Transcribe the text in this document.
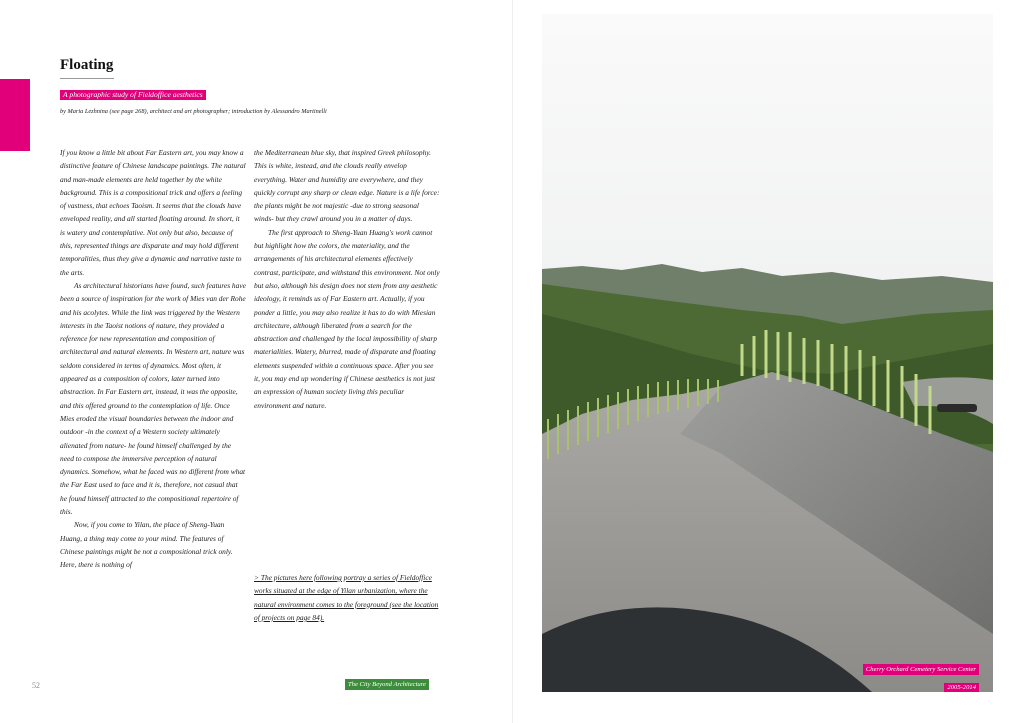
Floating
A photographic study of Fieldoffice aesthetics
by Maria Lezhnina (see page 268), architect and art photographer; introduction by Alessandro Martinelli

If you know a little bit about Far Eastern art, you may know a distinctive feature of Chinese landscape paintings. The natural and man-made elements are held together by the white background. This is a compositional trick and offers a feeling of vastness, that echoes Taoism. It seems that the clouds have enveloped reality, and all started floating around. In short, it is watery and contemplative. Not only but also, because of this, represented things are disparate and may hold different temporalities, thus they give a dynamic and narrative taste to the arts.

As architectural historians have found, such features have been a source of inspiration for the work of Mies van der Rohe and his acolytes. While the link was triggered by the Western interests in the Taoist notions of nature, they provided a reference for new representation and composition of architectural and natural elements. In Western art, nature was seldom considered in terms of dynamics. Most often, it appeared as a composition of colors, later turned into abstraction. In Far Eastern art, instead, it was the opposite, and this offered ground to the contemplation of life. Once Mies eroded the visual boundaries between the indoor and outdoor -in the context of a Western society ultimately alienated from nature- he found himself challenged by the need to compose the immersive perception of natural dynamics. Somehow, what he faced was no different from what the Far East used to face and it is, therefore, not casual that he found himself attracted to the compositional repertoire of this.

Now, if you come to Yilan, the place of Sheng-Yuan Huang, a thing may come to your mind. The features of Chinese paintings might be not a compositional trick only. Here, there is nothing of

the Mediterranean blue sky, that inspired Greek philosophy. This is white, instead, and the clouds really envelop everything. Water and humidity are everywhere, and they quickly corrupt any sharp or clean edge. Nature is a life force: the plants might be not majestic -due to strong seasonal winds- but they crawl around you in a matter of days.

The first approach to Sheng-Yuan Huang's work cannot but highlight how the colors, the materiality, and the arrangements of his architectural elements effectively contrast, participate, and withstand this environment. Not only but also, although his design does not stem from any aesthetic ideology, it reminds us of Far Eastern art. Actually, if you ponder a little, you may also realize it has to do with Miesian architecture, although liberated from a search for the abstraction and challenged by the local impossibility of sharp materialities. Watery, blurred, made of disparate and floating elements suspended within a continuous space. After you see it, you may end up wondering if Chinese aesthetics is not just an expression of human society living this peculiar environment and nature.

> The pictures here following portray a series of Fieldoffice works situated at the edge of Yilan urbanization, where the natural environment comes to the foreground (see the location of projects on page 84).
52	The City Beyond Architecture
Cherry Orchard Cemetery Service Center
2005-2014
